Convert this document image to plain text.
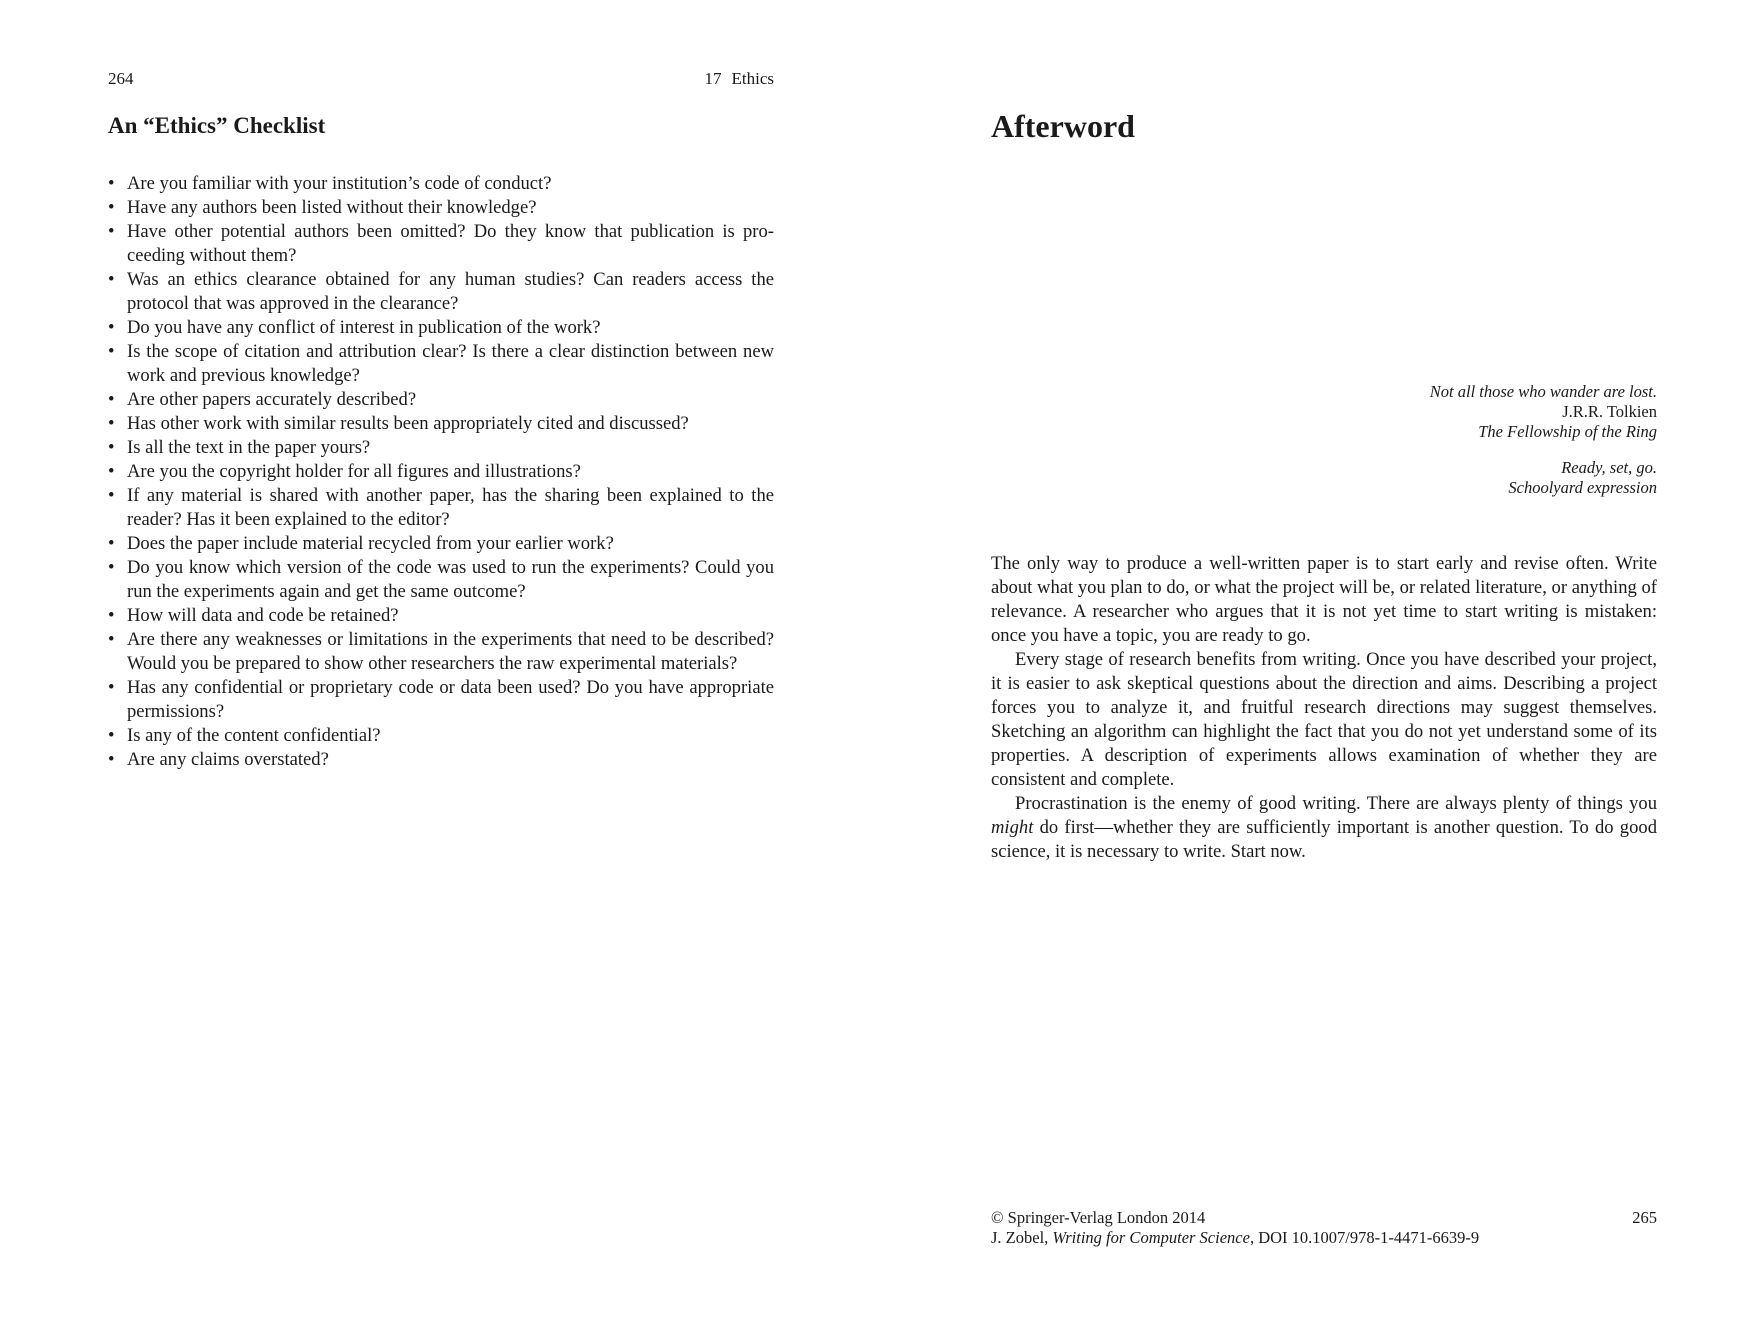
264	17 Ethics
An “Ethics” Checklist
• Are you familiar with your institution’s code of conduct?
• Have any authors been listed without their knowledge?
• Have other potential authors been omitted? Do they know that publication is proceeding without them?
• Was an ethics clearance obtained for any human studies? Can readers access the protocol that was approved in the clearance?
• Do you have any conflict of interest in publication of the work?
• Is the scope of citation and attribution clear? Is there a clear distinction between new work and previous knowledge?
• Are other papers accurately described?
• Has other work with similar results been appropriately cited and discussed?
• Is all the text in the paper yours?
• Are you the copyright holder for all figures and illustrations?
• If any material is shared with another paper, has the sharing been explained to the reader? Has it been explained to the editor?
• Does the paper include material recycled from your earlier work?
• Do you know which version of the code was used to run the experiments? Could you run the experiments again and get the same outcome?
• How will data and code be retained?
• Are there any weaknesses or limitations in the experiments that need to be described? Would you be prepared to show other researchers the raw experimental materials?
• Has any confidential or proprietary code or data been used? Do you have appropriate permissions?
• Is any of the content confidential?
• Are any claims overstated?
Afterword
Not all those who wander are lost.
J.R.R. Tolkien
The Fellowship of the Ring
Ready, set, go.
Schoolyard expression

The only way to produce a well-written paper is to start early and revise often. Write about what you plan to do, or what the project will be, or related literature, or anything of relevance. A researcher who argues that it is not yet time to start writing is mistaken: once you have a topic, you are ready to go.

Every stage of research benefits from writing. Once you have described your project, it is easier to ask skeptical questions about the direction and aims. Describing a project forces you to analyze it, and fruitful research directions may suggest themselves. Sketching an algorithm can highlight the fact that you do not yet understand some of its properties. A description of experiments allows examination of whether they are consistent and complete.

Procrastination is the enemy of good writing. There are always plenty of things you might do first—whether they are sufficiently important is another question. To do good science, it is necessary to write. Start now.

© Springer-Verlag London 2014
J. Zobel, Writing for Computer Science, DOI 10.1007/978-1-4471-6639-9
265
